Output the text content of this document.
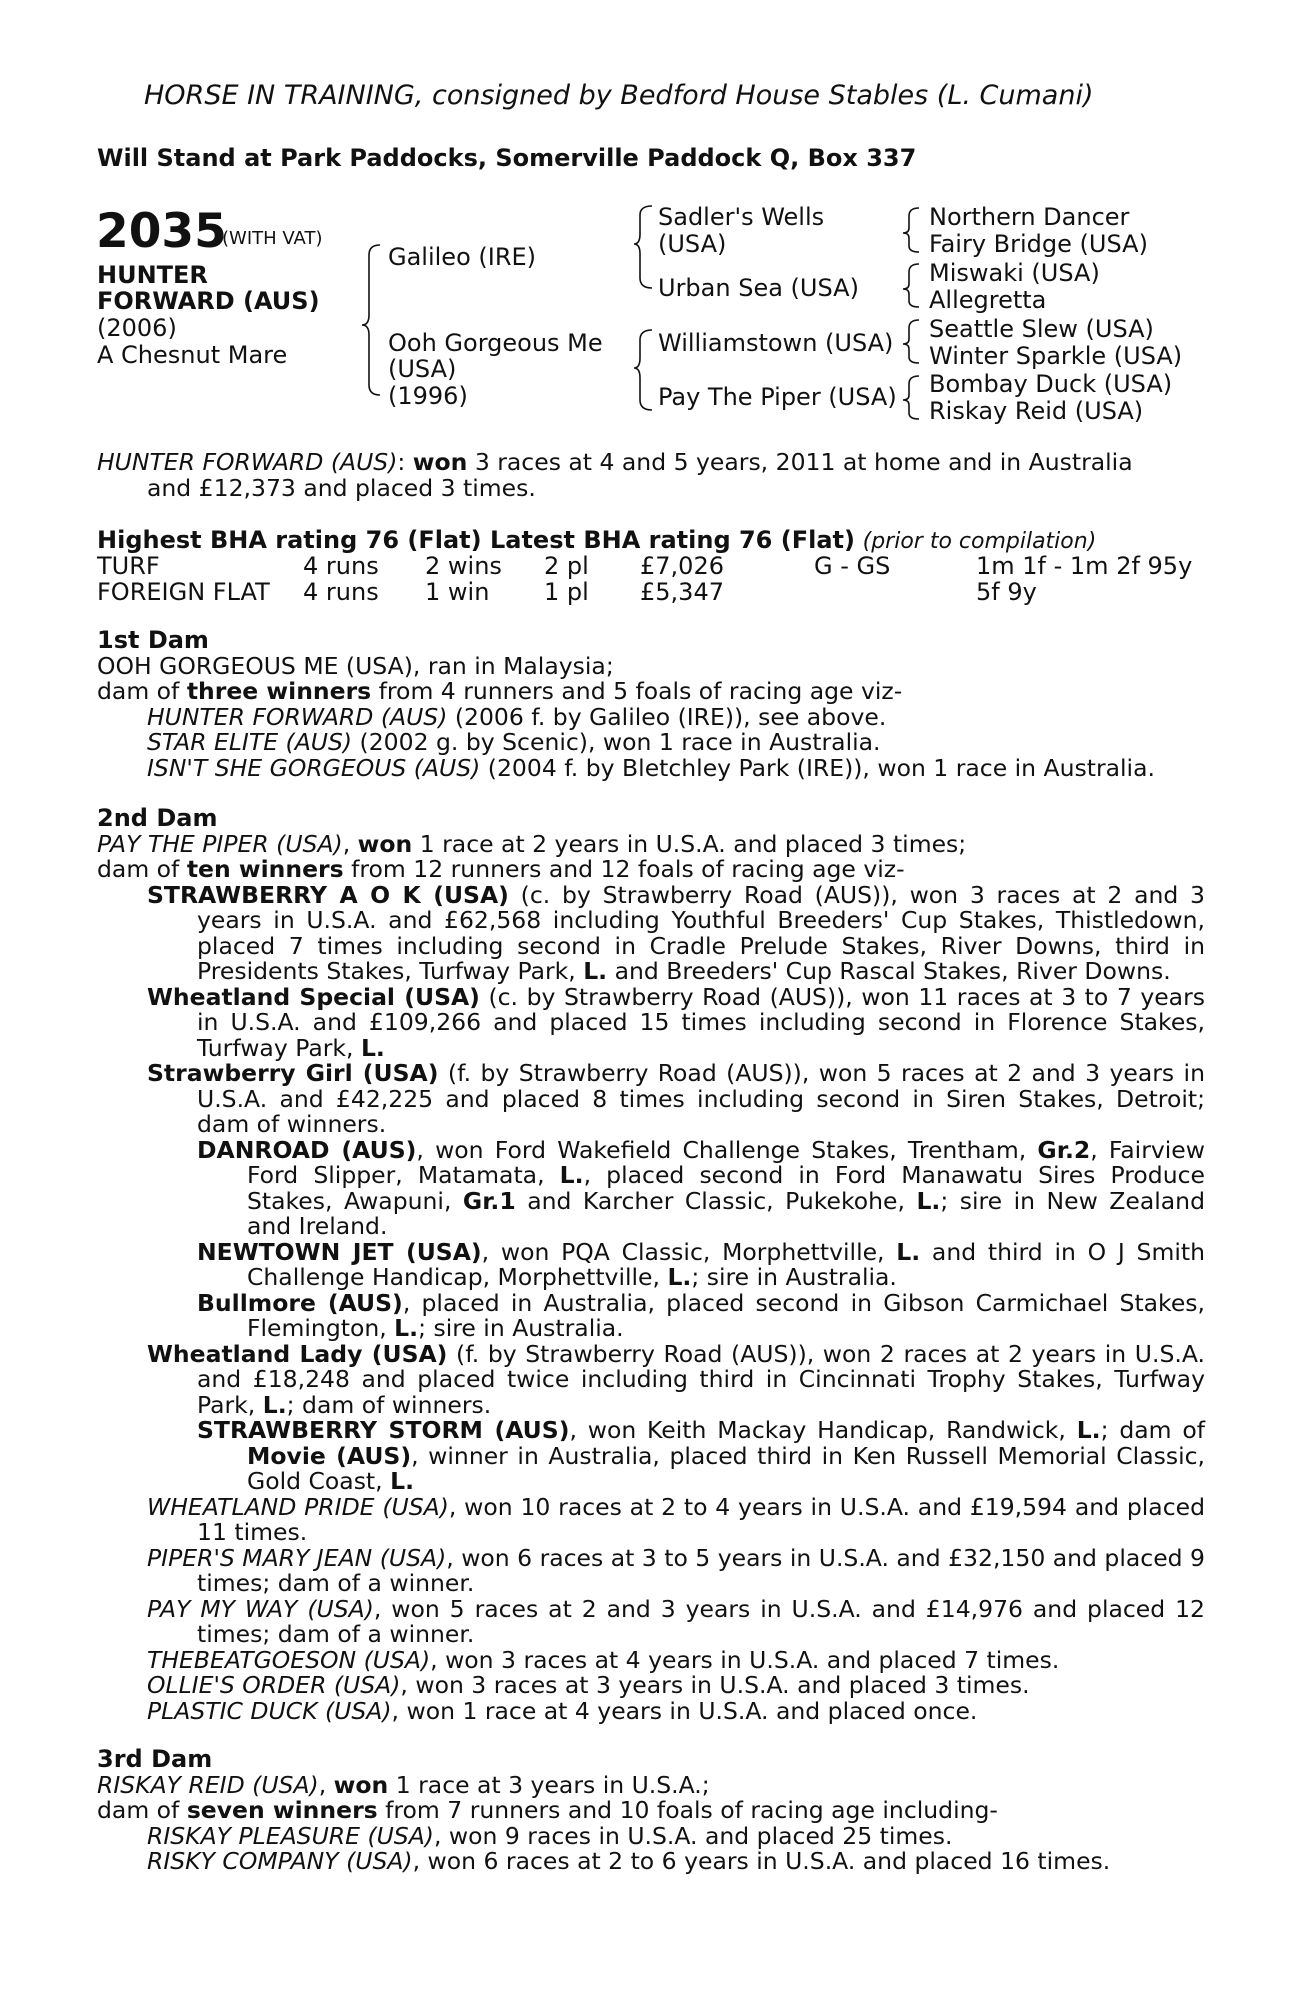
HORSE IN TRAINING, consigned by Bedford House Stables (L. Cumani)
Will Stand at Park Paddocks, Somerville Paddock Q, Box 337
2035
(WITH VAT)
HUNTER
FORWARD (AUS)
(2006)
A Chesnut Mare
Galileo (IRE)
Ooh Gorgeous Me
(USA)
(1996)
Sadler's Wells
(USA)
Urban Sea (USA)
Williamstown (USA)
Pay The Piper (USA)
Northern Dancer
Fairy Bridge (USA)
Miswaki (USA)
Allegretta
Seattle Slew (USA)
Winter Sparkle (USA)
Bombay Duck (USA)
Riskay Reid (USA)

HUNTER FORWARD (AUS): won 3 races at 4 and 5 years, 2011 at home and in Australia

and £12,373 and placed 3 times.

Highest BHA rating 76 (Flat) Latest BHA rating 76 (Flat) (prior to compilation)
TURF	4 runs 2 wins 2 pl £7,026	G - GS	1m 1f - 1m 2f 95y
FOREIGN FLAT 4 runs 1 win 1 pl £5,347	5f 9y

1st Dam

OOH GORGEOUS ME (USA), ran in Malaysia;

dam of three winners from 4 runners and 5 foals of racing age viz-

HUNTER FORWARD (AUS) (2006 f. by Galileo (IRE)), see above.

STAR ELITE (AUS) (2002 g. by Scenic), won 1 race in Australia.

ISN'T SHE GORGEOUS (AUS) (2004 f. by Bletchley Park (IRE)), won 1 race in Australia.

2nd Dam

PAY THE PIPER (USA), won 1 race at 2 years in U.S.A. and placed 3 times;

dam of ten winners from 12 runners and 12 foals of racing age viz-

STRAWBERRY A O K (USA) (c. by Strawberry Road (AUS)), won 3 races at 2 and 3 years in U.S.A. and £62,568 including Youthful Breeders' Cup Stakes, Thistledown, placed 7 times including second in Cradle Prelude Stakes, River Downs, third in Presidents Stakes, Turfway Park, L. and Breeders' Cup Rascal Stakes, River Downs.

Wheatland Special (USA) (c. by Strawberry Road (AUS)), won 11 races at 3 to 7 years in U.S.A. and £109,266 and placed 15 times including second in Florence Stakes, Turfway Park, L.

Strawberry Girl (USA) (f. by Strawberry Road (AUS)), won 5 races at 2 and 3 years in U.S.A. and £42,225 and placed 8 times including second in Siren Stakes, Detroit; dam of winners.

DANROAD (AUS), won Ford Wakefield Challenge Stakes, Trentham, Gr.2, Fairview Ford Slipper, Matamata, L., placed second in Ford Manawatu Sires Produce Stakes, Awapuni, Gr.1 and Karcher Classic, Pukekohe, L.; sire in New Zealand and Ireland.

NEWTOWN JET (USA), won PQA Classic, Morphettville, L. and third in O J Smith Challenge Handicap, Morphettville, L.; sire in Australia.

Bullmore (AUS), placed in Australia, placed second in Gibson Carmichael Stakes, Flemington, L.; sire in Australia.

Wheatland Lady (USA) (f. by Strawberry Road (AUS)), won 2 races at 2 years in U.S.A. and £18,248 and placed twice including third in Cincinnati Trophy Stakes, Turfway Park, L.; dam of winners.

STRAWBERRY STORM (AUS), won Keith Mackay Handicap, Randwick, L.; dam of Movie (AUS), winner in Australia, placed third in Ken Russell Memorial Classic, Gold Coast, L.

WHEATLAND PRIDE (USA), won 10 races at 2 to 4 years in U.S.A. and £19,594 and placed 11 times.

PIPER'S MARY JEAN (USA), won 6 races at 3 to 5 years in U.S.A. and £32,150 and placed 9 times; dam of a winner.

PAY MY WAY (USA), won 5 races at 2 and 3 years in U.S.A. and £14,976 and placed 12 times; dam of a winner.

THEBEATGOESON (USA), won 3 races at 4 years in U.S.A. and placed 7 times.

OLLIE'S ORDER (USA), won 3 races at 3 years in U.S.A. and placed 3 times.

PLASTIC DUCK (USA), won 1 race at 4 years in U.S.A. and placed once.

3rd Dam

RISKAY REID (USA), won 1 race at 3 years in U.S.A.;

dam of seven winners from 7 runners and 10 foals of racing age including-

RISKAY PLEASURE (USA), won 9 races in U.S.A. and placed 25 times.

RISKY COMPANY (USA), won 6 races at 2 to 6 years in U.S.A. and placed 16 times.
